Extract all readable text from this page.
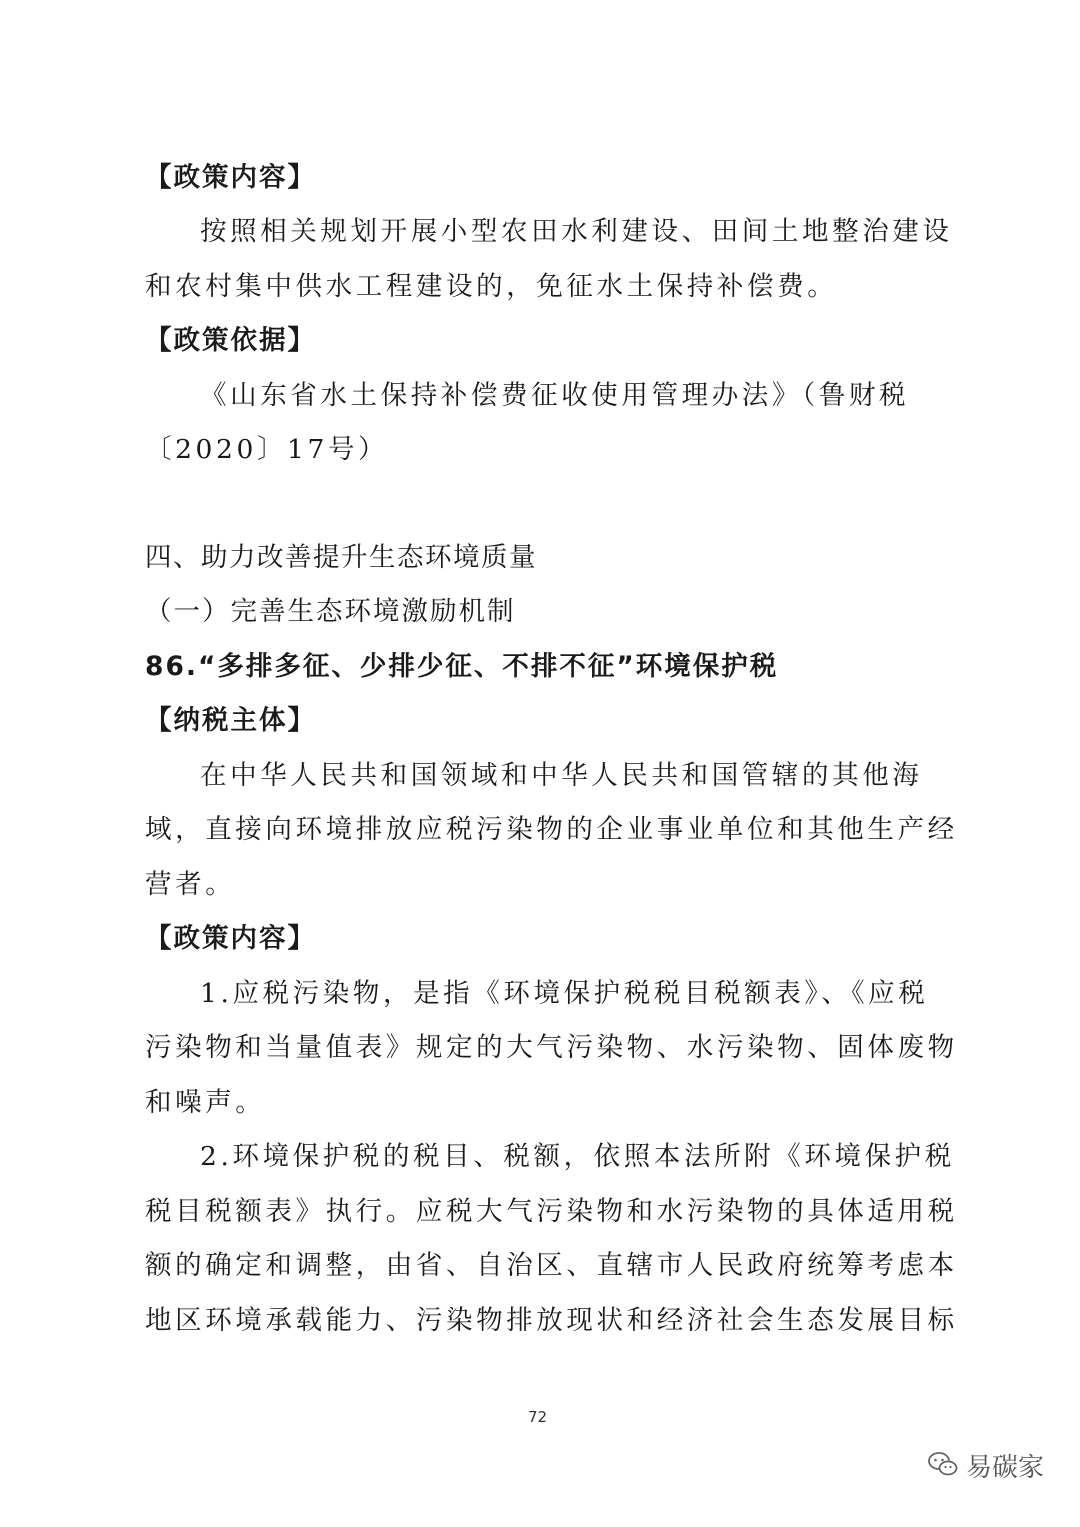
【政策内容】
按照相关规划开展小型农田水利建设、田间土地整治建设
和农村集中供水工程建设的，免征水土保持补偿费。
【政策依据】
《山东省水土保持补偿费征收使用管理办法》（鲁财税
〔2020〕17号）
四、助力改善提升生态环境质量
（一）完善生态环境激励机制
86.“多排多征、少排少征、不排不征”环境保护税
【纳税主体】
在中华人民共和国领域和中华人民共和国管辖的其他海
域，直接向环境排放应税污染物的企业事业单位和其他生产经
营者。
【政策内容】
1.应税污染物，是指《环境保护税税目税额表》、《应税
污染物和当量值表》规定的大气污染物、水污染物、固体废物
和噪声。
2.环境保护税的税目、税额，依照本法所附《环境保护税
税目税额表》执行。应税大气污染物和水污染物的具体适用税
额的确定和调整，由省、自治区、直辖市人民政府统筹考虑本
地区环境承载能力、污染物排放现状和经济社会生态发展目标
72
易碳家
